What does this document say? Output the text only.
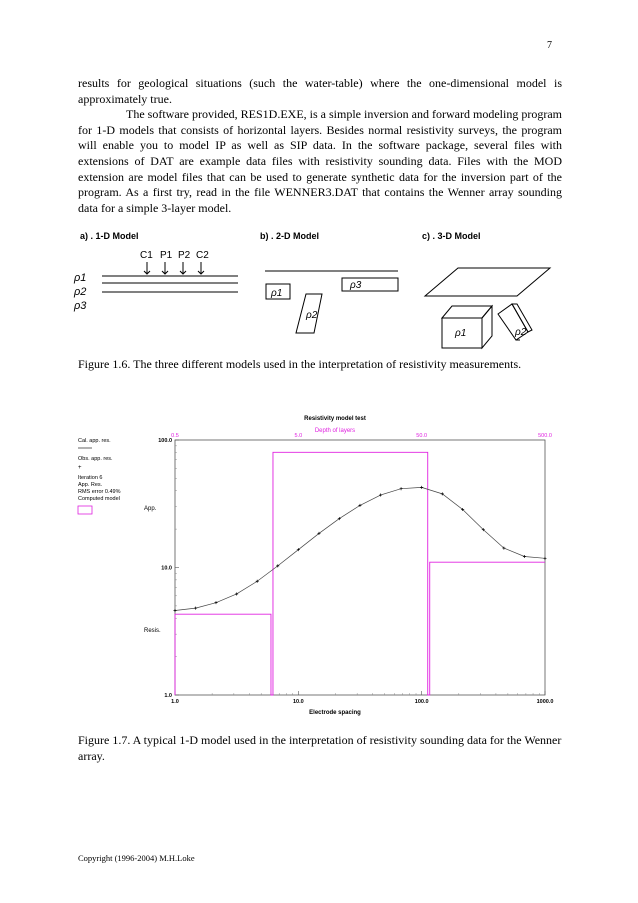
7

results for geological situations (such the water-table) where the one-dimensional model is approximately true.

The software provided, RES1D.EXE, is a simple inversion and forward modeling program for 1-D models that consists of horizontal layers. Besides normal resistivity surveys, the program will enable you to model IP as well as SIP data. In the software package, several files with extensions of DAT are example data files with resistivity sounding data. Files with the MOD extension are model files that can be used to generate synthetic data for the inversion part of the program. As a first try, read in the file WENNER3.DAT that contains the Wenner array sounding data for a simple 3-layer model.

a) . 1-D Model
C1 P1 P2 C2
ρ1
ρ2
ρ3
b) . 2-D Model
ρ1
ρ2
ρ3
c) . 3-D Model
ρ1	ρ2

Figure 1.6. The three different models used in the interpretation of resistivity measurements.

Resistivity model test
Depth of layers
Cal. app. res.
Obs. app. res.
+
Iteration 6
App. Res.
RMS error 0.49%
Computed model
App.
Resis.
Electrode spacing
1.0	10.0	100.0	1000.0
100.0
10.0
1.0
0.5	5.0	50.0	500.0

Figure 1.7. A typical 1-D model used in the interpretation of resistivity sounding data for the Wenner array.

Copyright (1996-2004) M.H.Loke
